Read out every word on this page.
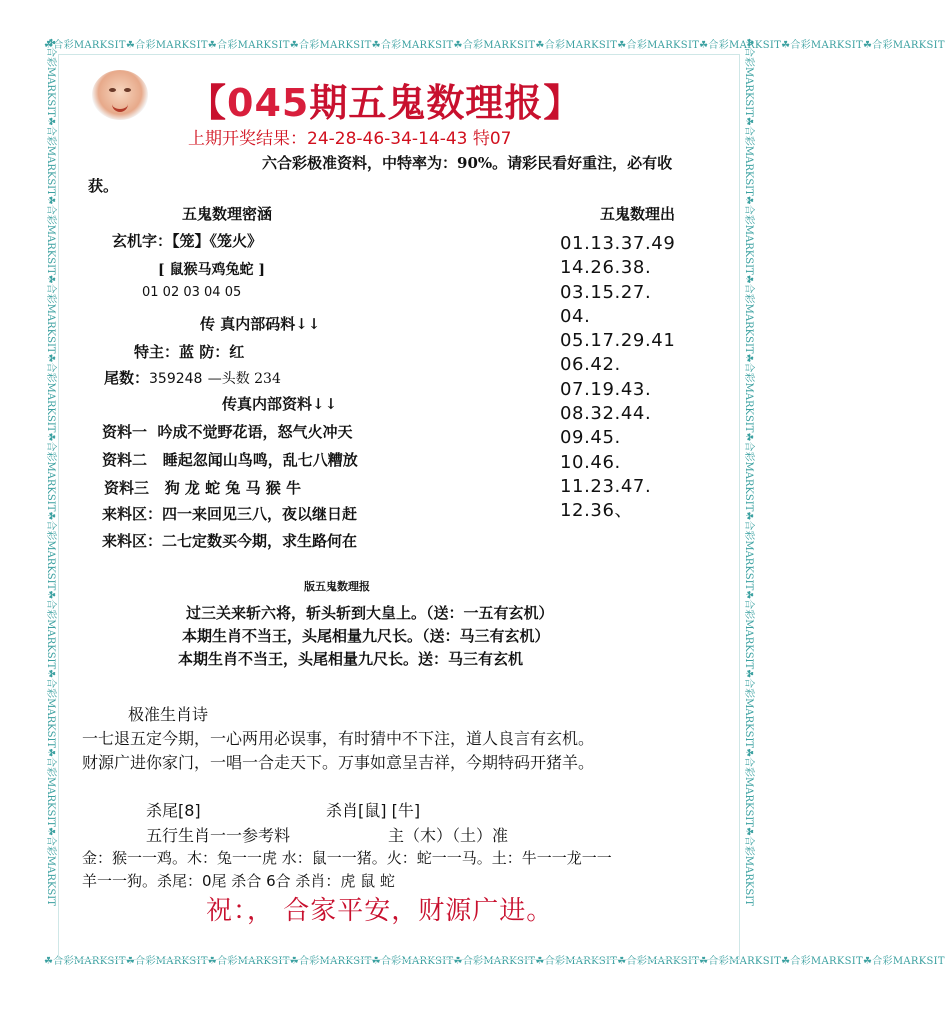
☘合彩MARKSIT☘合彩MARKSIT☘合彩MARKSIT☘合彩MARKSIT☘合彩MARKSIT☘合彩MARKSIT☘合彩MARKSIT☘合彩MARKSIT☘合彩MARKSIT☘合彩MARKSIT☘合彩MARKSIT
☘合彩MARKSIT☘合彩MARKSIT☘合彩MARKSIT☘合彩MARKSIT☘合彩MARKSIT☘合彩MARKSIT☘合彩MARKSIT☘合彩MARKSIT☘合彩MARKSIT☘合彩MARKSIT☘合彩MARKSIT
☘合彩MARKSIT☘合彩MARKSIT☘合彩MARKSIT☘合彩MARKSIT☘合彩MARKSIT☘合彩MARKSIT☘合彩MARKSIT☘合彩MARKSIT☘合彩MARKSIT☘合彩MARKSIT☘合彩MARKSIT	☘合彩MARKSIT☘合彩MARKSIT☘合彩MARKSIT☘合彩MARKSIT☘合彩MARKSIT☘合彩MARKSIT☘合彩MARKSIT☘合彩MARKSIT☘合彩MARKSIT☘合彩MARKSIT☘合彩MARKSIT
【045期五鬼数理报】
上期开奖结果：24-28-46-34-14-43 特07
六合彩极准资料，中特率为：90%。请彩民看好重注，必有收
获。
五鬼数理密涵
玄机字：【笼】《笼火》
[ 鼠猴马鸡兔蛇 ]
01 02 03 04 05
传 真内部码料↓↓
特主：蓝 防：红
尾数：359248 —头数 234
传真内部资料↓↓
资料一 吟成不觉野花语，怒气火冲天
资料二 睡起忽闻山鸟鸣，乱七八糟放
资料三 狗 龙 蛇 兔 马 猴 牛
来料区：四一来回见三八，夜以继日赶
来料区：二七定数买今期，求生路何在
五鬼数理出
01.13.37.49
14.26.38.
03.15.27.
04.
05.17.29.41
06.42.
07.19.43.
08.32.44.
09.45.
10.46.
11.23.47.
12.36、
版五鬼数理报
过三关来斩六将，斩头斩到大皇上。（送：一五有玄机）
本期生肖不当王，头尾相量九尺长。（送：马三有玄机）
本期生肖不当王，头尾相量九尺长。送：马三有玄机
极准生肖诗
一七退五定今期，一心两用必误事，有时猜中不下注，道人良言有玄机。
财源广进你家门，一唱一合走天下。万事如意呈吉祥，今期特码开猪羊。
杀尾[8]	杀肖[鼠] [牛]
五行生肖一一参考料	主（木）（土）准
金：猴一一鸡。木：兔一一虎 水：鼠一一猪。火：蛇一一马。土：牛一一龙一一
羊一一狗。杀尾：0尾 杀合 6合 杀肖：虎 鼠 蛇
祝：， 合家平安，财源广进。
